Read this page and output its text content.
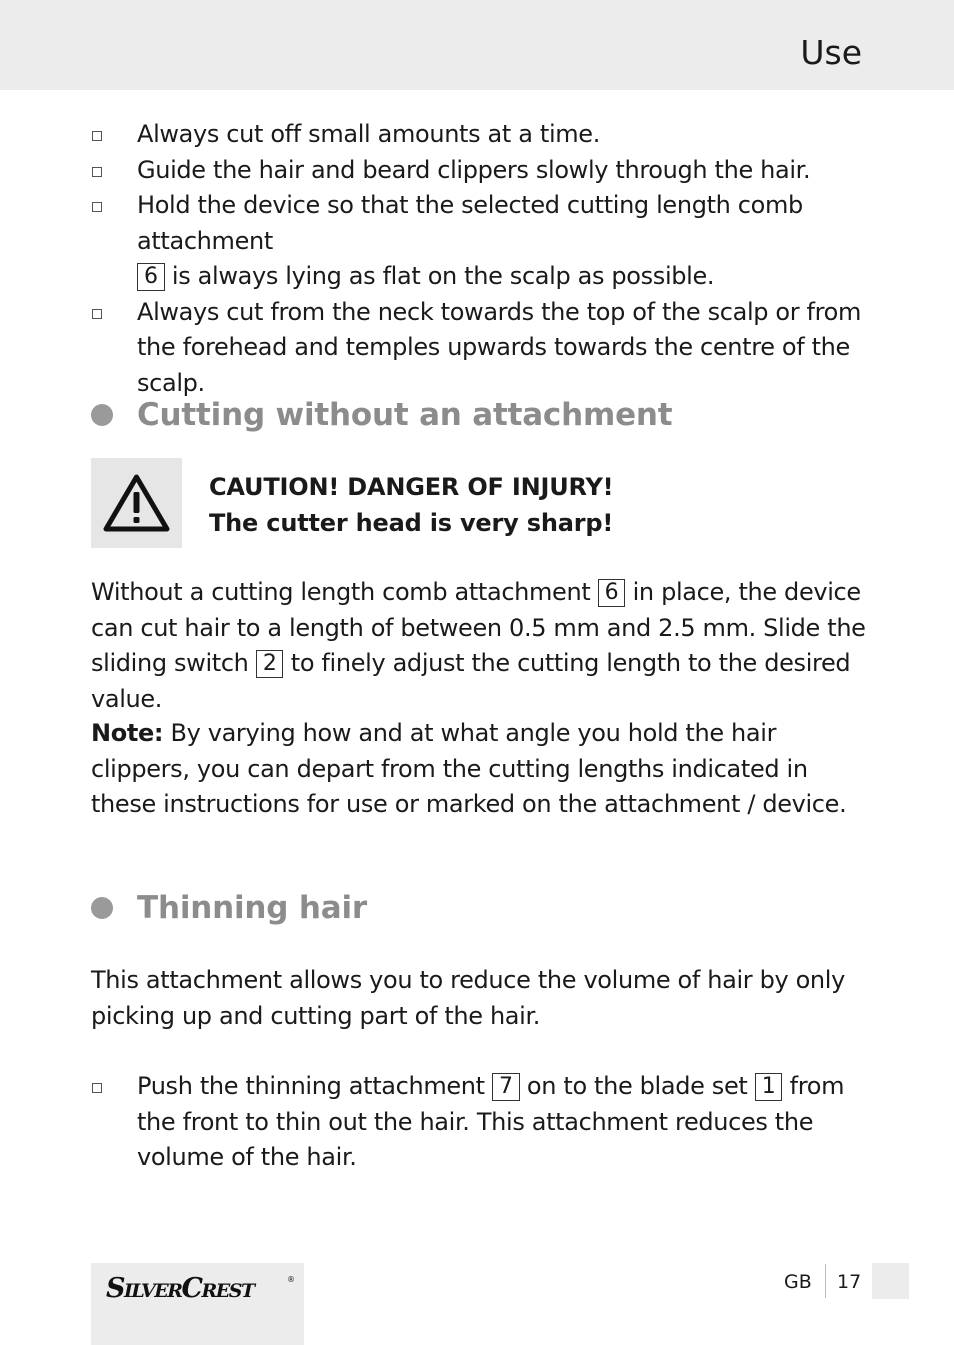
Use
Always cut off small amounts at a time.
Guide the hair and beard clippers slowly through the hair.
Hold the device so that the selected cutting length comb attachment
6 is always lying as flat on the scalp as possible.
Always cut from the neck towards the top of the scalp or from the forehead and temples upwards towards the centre of the scalp.
Cutting without an attachment
CAUTION! DANGER OF INJURY!
The cutter head is very sharp!
Without a cutting length comb attachment 6 in place, the device can cut hair to a length of between 0.5 mm and 2.5 mm. Slide the sliding switch 2 to finely adjust the cutting length to the desired value.
Note: By varying how and at what angle you hold the hair clippers, you can depart from the cutting lengths indicated in these instructions for use or marked on the attachment / device.
Thinning hair
This attachment allows you to reduce the volume of hair by only picking up and cutting part of the hair.
Push the thinning attachment 7 on to the blade set 1 from the front to thin out the hair. This attachment reduces the volume of the hair.
SilverCrest	®	GB 17
